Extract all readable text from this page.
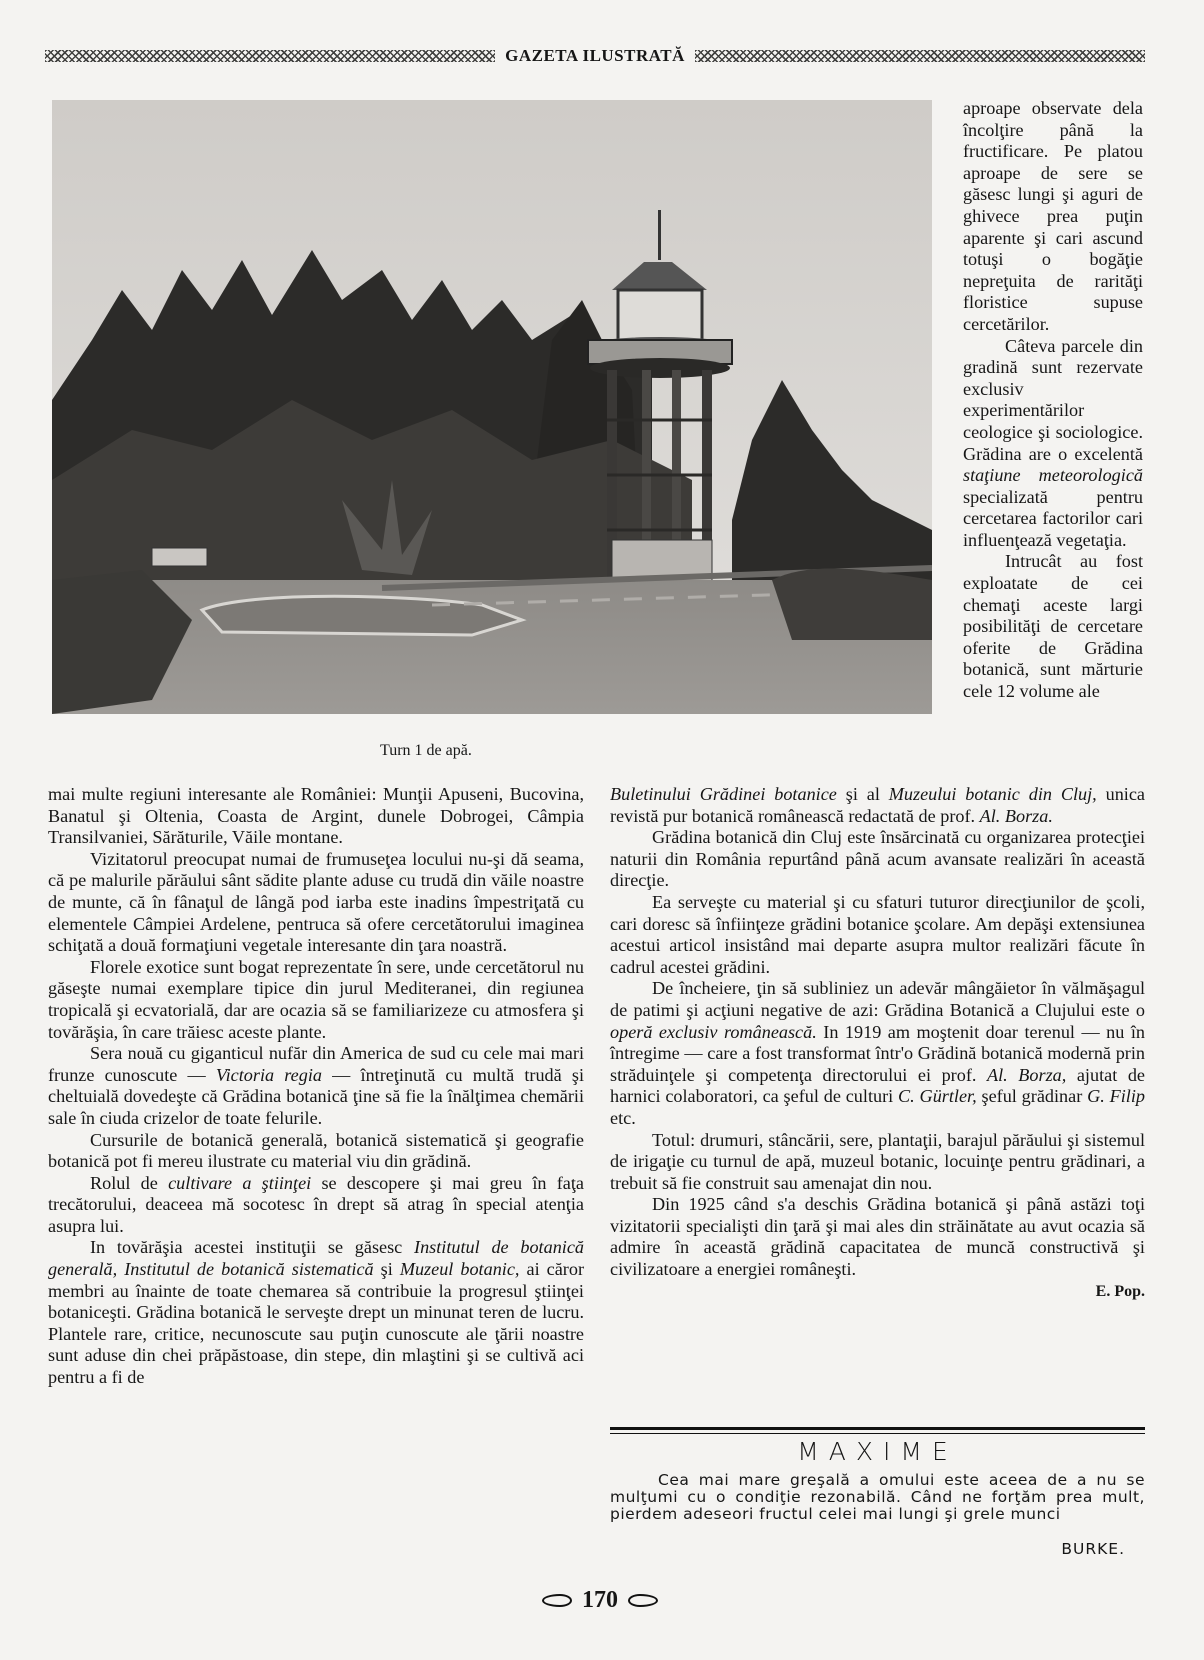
GAZETA ILUSTRATĂ
Turn 1 de apă.

aproape observate dela încolţire până la fructificare. Pe platou aproape de sere se găsesc lungi şi aguri de ghivece prea puţin aparente şi cari ascund totuşi o bogăţie nepreţuita de rarităţi floristice supuse cercetărilor.

Câteva parcele din gradină sunt rezervate exclusiv experimentărilor ceologice şi sociologice. Grădina are o excelentă staţiune meteorologică specializată pentru cercetarea factorilor cari influenţează vegetaţia.

Intrucât au fost exploatate de cei chemaţi aceste largi posibilităţi de cercetare oferite de Grădina botanică, sunt mărturie cele 12 volume ale

mai multe regiuni interesante ale României: Munţii Apuseni, Bucovina, Banatul şi Oltenia, Coasta de Argint, dunele Dobrogei, Câmpia Transilvaniei, Sărăturile, Văile montane.

Vizitatorul preocupat numai de frumuseţea locului nu-şi dă seama, că pe malurile părăului sânt sădite plante aduse cu trudă din văile noastre de munte, că în fânaţul de lângă pod iarba este inadins împestriţată cu elementele Câmpiei Ardelene, pentruca să ofere cercetătorului imaginea schiţată a două formaţiuni vegetale interesante din ţara noastră.

Florele exotice sunt bogat reprezentate în sere, unde cercetătorul nu găseşte numai exemplare tipice din jurul Mediteranei, din regiunea tropicală şi ecvatorială, dar are ocazia să se familiarizeze cu atmosfera şi tovărăşia, în care trăiesc aceste plante.

Sera nouă cu giganticul nufăr din America de sud cu cele mai mari frunze cunoscute — Victoria regia — întreţinută cu multă trudă şi cheltuială dovedeşte că Grădina botanică ţine să fie la înălţimea chemării sale în ciuda crizelor de toate felurile.

Cursurile de botanică generală, botanică sistematică şi geografie botanică pot fi mereu ilustrate cu material viu din grădină.

Rolul de cultivare a ştiinţei se descopere şi mai greu în faţa trecătorului, deaceea mă socotesc în drept să atrag în special atenţia asupra lui.

In tovărăşia acestei instituţii se găsesc Institutul de botanică generală, Institutul de botanică sistematică şi Muzeul botanic, ai căror membri au înainte de toate chemarea să contribuie la progresul ştiinţei botaniceşti. Grădina botanică le serveşte drept un minunat teren de lucru. Plantele rare, critice, necunoscute sau puţin cunoscute ale ţării noastre sunt aduse din chei prăpăstoase, din stepe, din mlaştini şi se cultivă aci pentru a fi de

Buletinului Grădinei botanice şi al Muzeului botanic din Cluj, unica revistă pur botanică românească redactată de prof. Al. Borza.

Grădina botanică din Cluj este însărcinată cu organizarea protecţiei naturii din România repurtând până acum avansate realizări în această direcţie.

Ea serveşte cu material şi cu sfaturi tuturor direcţiunilor de şcoli, cari doresc să înfiinţeze grădini botanice şcolare. Am depăşi extensiunea acestui articol insistând mai departe asupra multor realizări făcute în cadrul acestei grădini.

De încheiere, ţin să subliniez un adevăr mângăietor în vălmăşagul de patimi şi acţiuni negative de azi: Grădina Botanică a Clujului este o operă exclusiv românească. In 1919 am moştenit doar terenul — nu în întregime — care a fost transformat într'o Grădină botanică modernă prin străduinţele şi competenţa directorului ei prof. Al. Borza, ajutat de harnici colaboratori, ca şeful de culturi C. Gürtler, şeful grădinar G. Filip etc.

Totul: drumuri, stâncării, sere, plantaţii, barajul părăului şi sistemul de irigaţie cu turnul de apă, muzeul botanic, locuinţe pentru grădinari, a trebuit să fie construit sau amenajat din nou.

Din 1925 când s'a deschis Grădina botanică şi până astăzi toţi vizitatorii specialişti din ţară şi mai ales din străinătate au avut ocazia să admire în această grădină capacitatea de muncă constructivă şi civilizatoare a energiei româneşti.

E. Pop.

MAXIME

Cea mai mare greşală a omului este aceea de a nu se mulţumi cu o condiţie rezonabilă. Când ne forţăm prea mult, pierdem adeseori fructul celei mai lungi şi grele munci

BURKE.
170
